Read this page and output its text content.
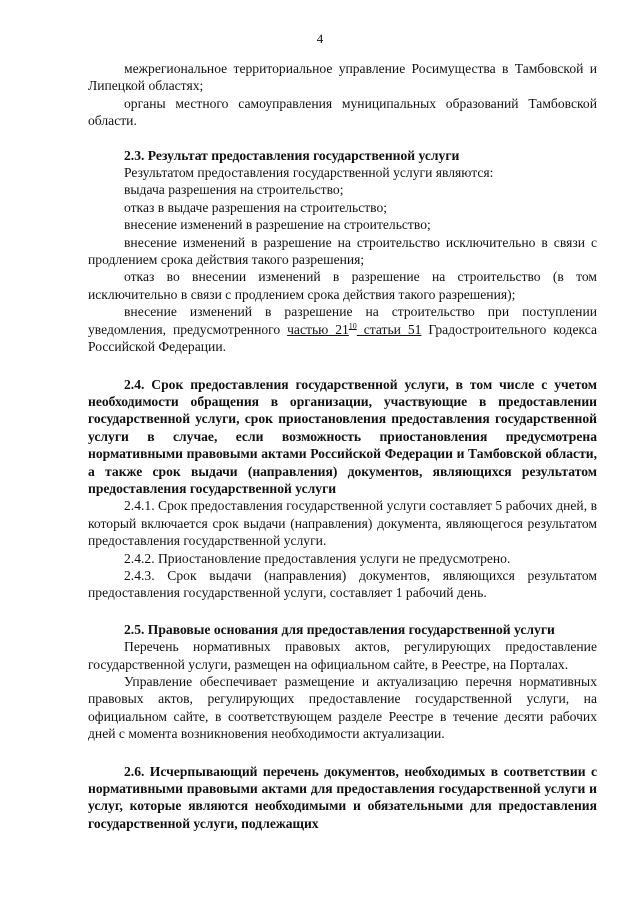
4

межрегиональное территориальное управление Росимущества в Тамбовской и Липецкой областях;

органы местного самоуправления муниципальных образований Тамбовской области.

2.3. Результат предоставления государственной услуги

Результатом предоставления государственной услуги являются:

выдача разрешения на строительство;

отказ в выдаче разрешения на строительство;

внесение изменений в разрешение на строительство;

внесение изменений в разрешение на строительство исключительно в связи с продлением срока действия такого разрешения;

отказ во внесении изменений в разрешение на строительство (в том исключительно в связи с продлением срока действия такого разрешения);

внесение изменений в разрешение на строительство при поступлении уведомления, предусмотренного частью $21^{10}$ статьи 51 Градостроительного кодекса Российской Федерации.

2.4. Срок предоставления государственной услуги, в том числе с учетом необходимости обращения в организации, участвующие в предоставлении государственной услуги, срок приостановления предоставления государственной услуги в случае, если возможность приостановления предусмотрена нормативными правовыми актами Российской Федерации и Тамбовской области, а также срок выдачи (направления) документов, являющихся результатом предоставления государственной услуги

2.4.1. Срок предоставления государственной услуги составляет 5 рабочих дней, в который включается срок выдачи (направления) документа, являющегося результатом предоставления государственной услуги.

2.4.2. Приостановление предоставления услуги не предусмотрено.

2.4.3. Срок выдачи (направления) документов, являющихся результатом предоставления государственной услуги, составляет 1 рабочий день.

2.5. Правовые основания для предоставления государственной услуги

Перечень нормативных правовых актов, регулирующих предоставление государственной услуги, размещен на официальном сайте, в Реестре, на Порталах.

Управление обеспечивает размещение и актуализацию перечня нормативных правовых актов, регулирующих предоставление государственной услуги, на официальном сайте, в соответствующем разделе Реестре в течение десяти рабочих дней с момента возникновения необходимости актуализации.

2.6. Исчерпывающий перечень документов, необходимых в соответствии с нормативными правовыми актами для предоставления государственной услуги и услуг, которые являются необходимыми и обязательными для предоставления государственной услуги, подлежащих
